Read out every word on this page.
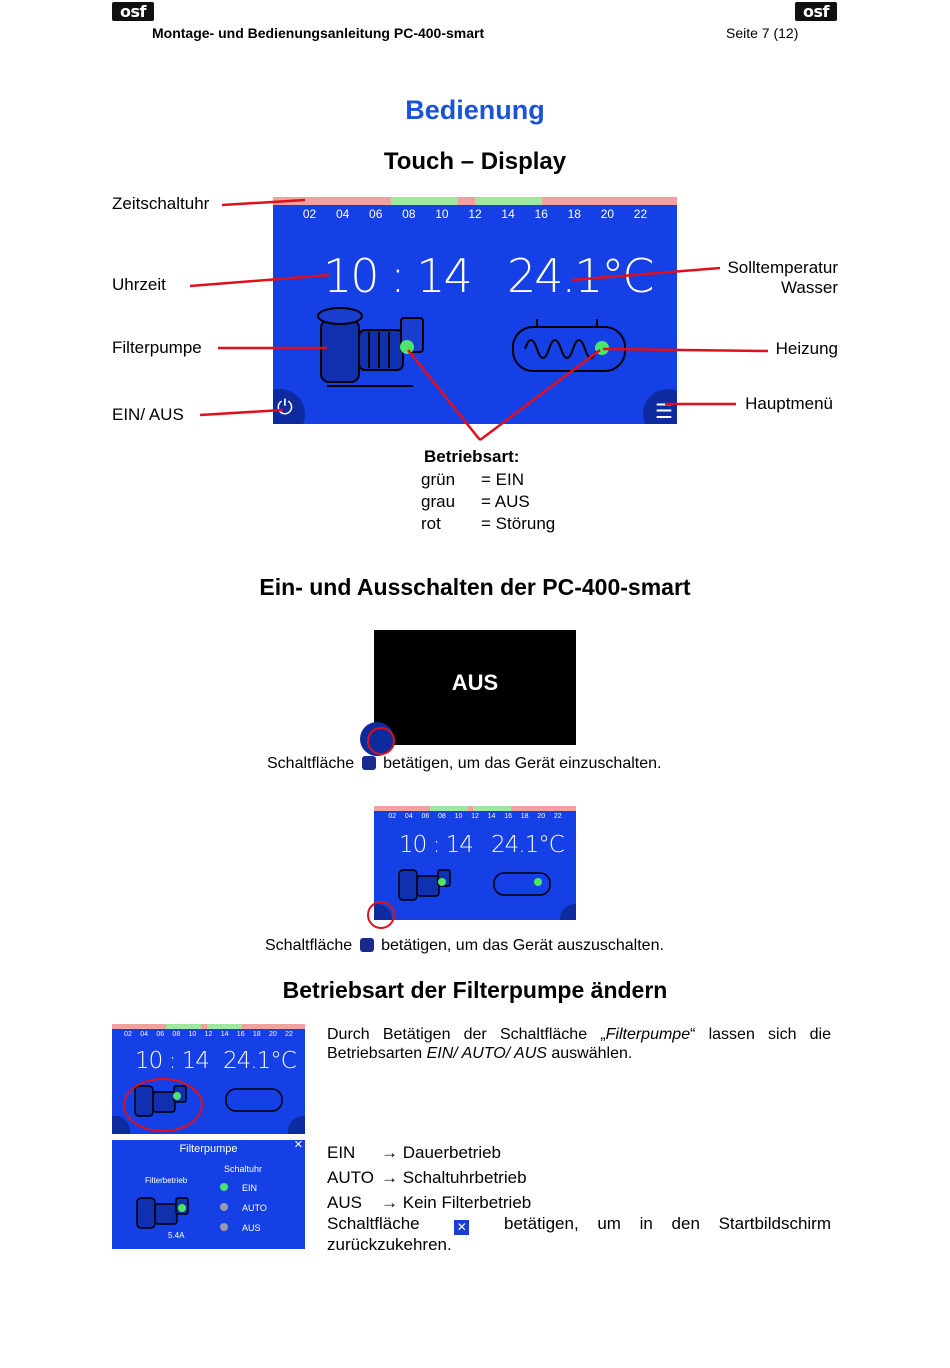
osf	osf
Montage- und Bedienungsanleitung PC-400-smart	Seite 7 (12)
Bedienung
Touch – Display
02	04	06	08	10	12	14	16	18	20	22
10 : 14 24.1°C
⏻	☰
Zeitschaltuhr
Uhrzeit
Filterpumpe
EIN/ AUS
Solltemperatur
Wasser
Heizung
Hauptmenü
Betriebsart:
grün	= EIN
grau	= AUS
rot	= Störung
Ein- und Ausschalten der PC-400-smart
AUS
Schaltfläche betätigen, um das Gerät einzuschalten.
02	04	06	08	10	12	14	16	18	20	22
10 : 14 24.1°C
Schaltfläche betätigen, um das Gerät auszuschalten.
Betriebsart der Filterpumpe ändern
02	04	06	08	10	12	14	16	18	20	22
10 : 14 24.1°C
Filterpumpe	✕
Filterbetrieb
5.4A
Schaltuhr
EIN
AUTO
AUS
Durch Betätigen der Schaltfläche „Filterpumpe“ lassen sich die Betriebsarten EIN/ AUTO/ AUS auswählen.
EIN → Dauerbetrieb
AUTO → Schaltuhrbetrieb
AUS → Kein Filterbetrieb
Schaltfläche	✕ betätigen, um in den Startbildschirm zurückzukehren.
